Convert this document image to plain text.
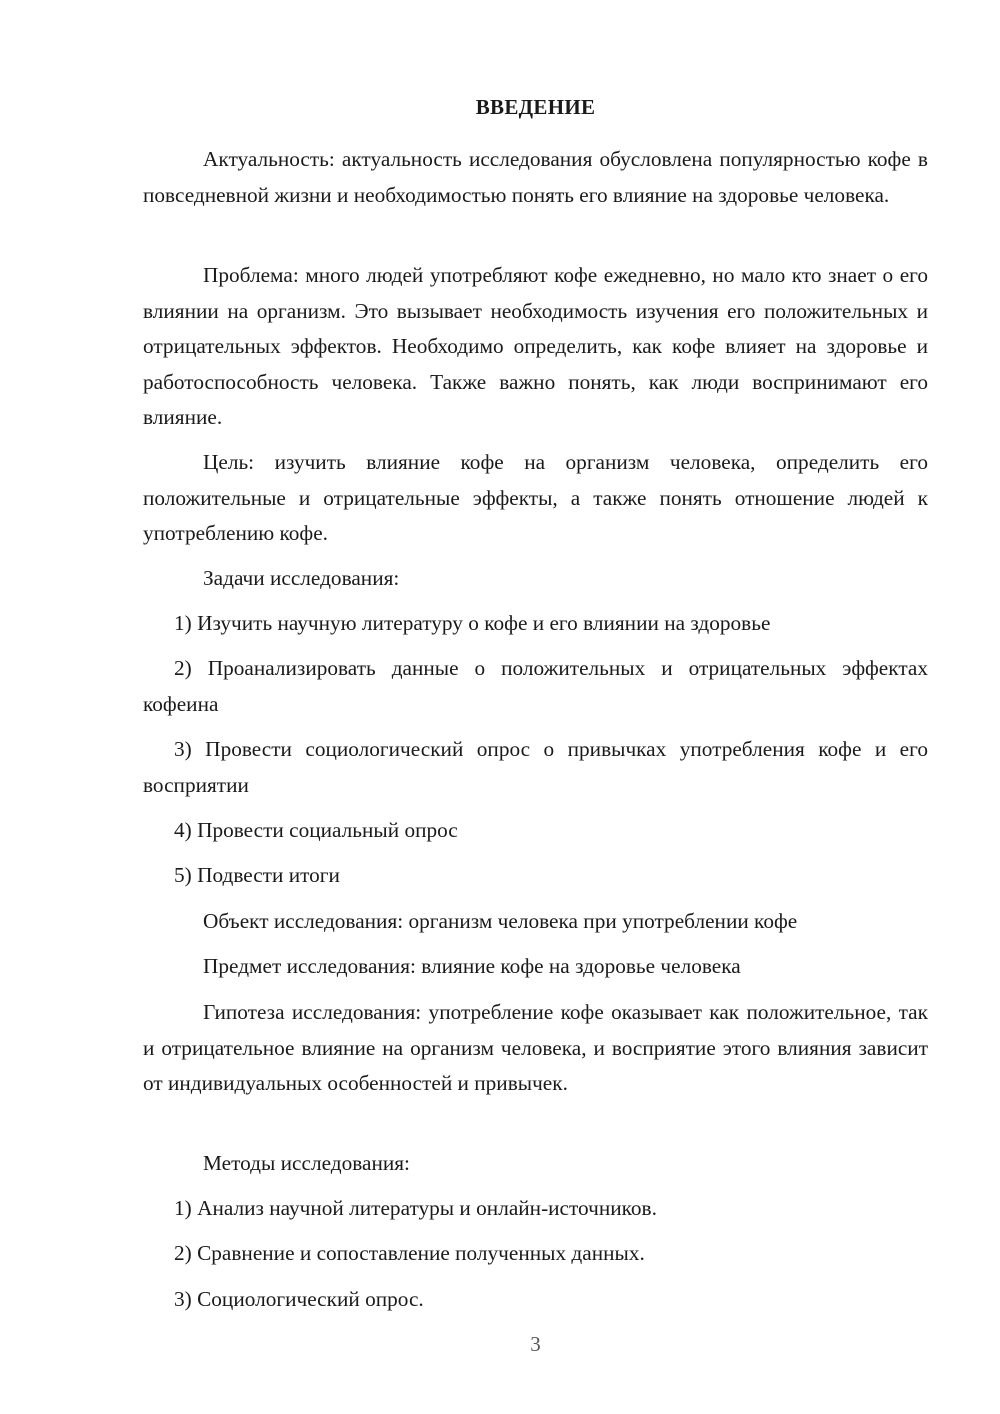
ВВЕДЕНИЕ
Актуальность: актуальность исследования обусловлена популярностью кофе в повседневной жизни и необходимостью понять его влияние на здоровье человека.
Проблема: много людей употребляют кофе ежедневно, но мало кто знает о его влиянии на организм. Это вызывает необходимость изучения его положительных и отрицательных эффектов. Необходимо определить, как кофе влияет на здоровье и работоспособность человека. Также важно понять, как люди воспринимают его влияние.
Цель: изучить влияние кофе на организм человека, определить его положительные и отрицательные эффекты, а также понять отношение людей к употреблению кофе.
Задачи исследования:
1) Изучить научную литературу о кофе и его влиянии на здоровье
2) Проанализировать данные о положительных и отрицательных эффектах кофеина
3) Провести социологический опрос о привычках употребления кофе и его восприятии
4) Провести социальный опрос
5) Подвести итоги
Объект исследования: организм человека при употреблении кофе
Предмет исследования: влияние кофе на здоровье человека
Гипотеза исследования: употребление кофе оказывает как положительное, так и отрицательное влияние на организм человека, и восприятие этого влияния зависит от индивидуальных особенностей и привычек.
Методы исследования:
1) Анализ научной литературы и онлайн-источников.
2) Сравнение и сопоставление полученных данных.
3) Социологический опрос.
3
